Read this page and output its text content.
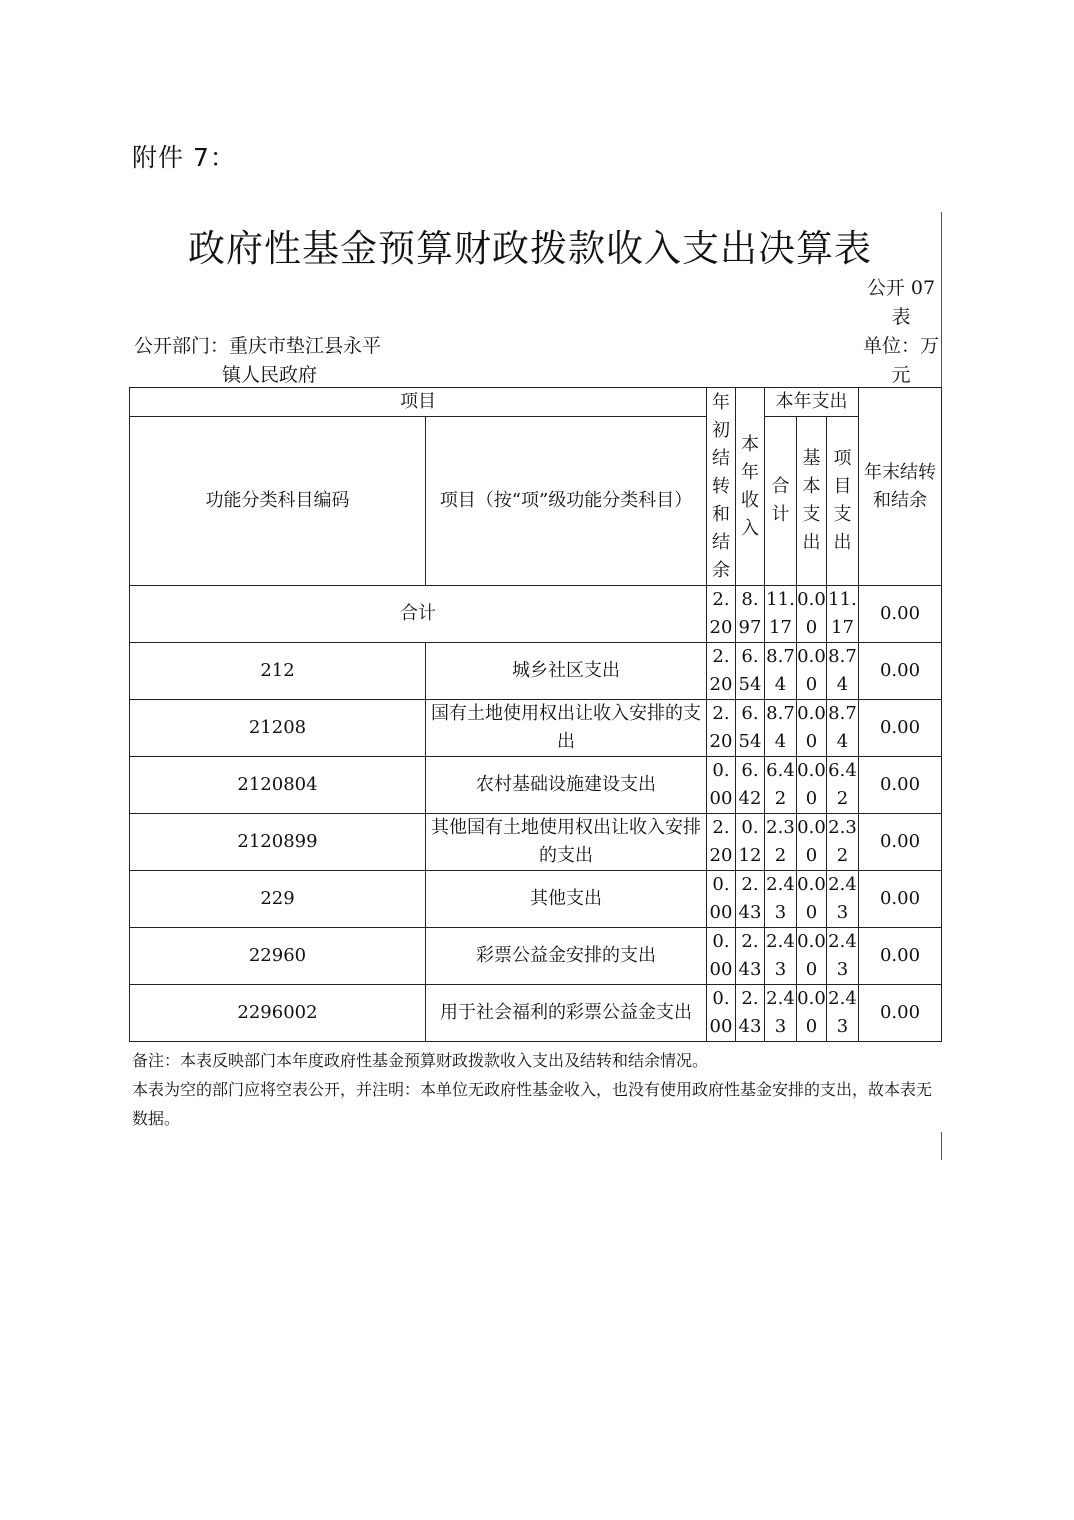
附件 7：
政府性基金预算财政拨款收入支出决算表
公开 07 表
公开部门：重庆市垫江县永平
镇人民政府
单位：万元
项目		年初结转和结余	本年收入	本年支出			年末结转和结余

功能分类科目编码	项目（按“项”级功能分类科目）			合计	基本支出	项目支出	

合计		2.20	8.97	11.17	0.00	11.17	0.00
212	城乡社区支出	2.20	6.54	8.74	0.00	8.74	0.00
21208	国有土地使用权出让收入安排的支出	2.20	6.54	8.74	0.00	8.74	0.00
2120804	农村基础设施建设支出	0.00	6.42	6.42	0.00	6.42	0.00
2120899	其他国有土地使用权出让收入安排的支出	2.20	0.12	2.32	0.00	2.32	0.00
229	其他支出	0.00	2.43	2.43	0.00	2.43	0.00
22960	彩票公益金安排的支出	0.00	2.43	2.43	0.00	2.43	0.00
2296002	用于社会福利的彩票公益金支出	0.00	2.43	2.43	0.00	2.43	0.00
备注：本表反映部门本年度政府性基金预算财政拨款收入支出及结转和结余情况。
本表为空的部门应将空表公开，并注明：本单位无政府性基金收入，也没有使用政府性基金安排的支出，故本表无数据。
